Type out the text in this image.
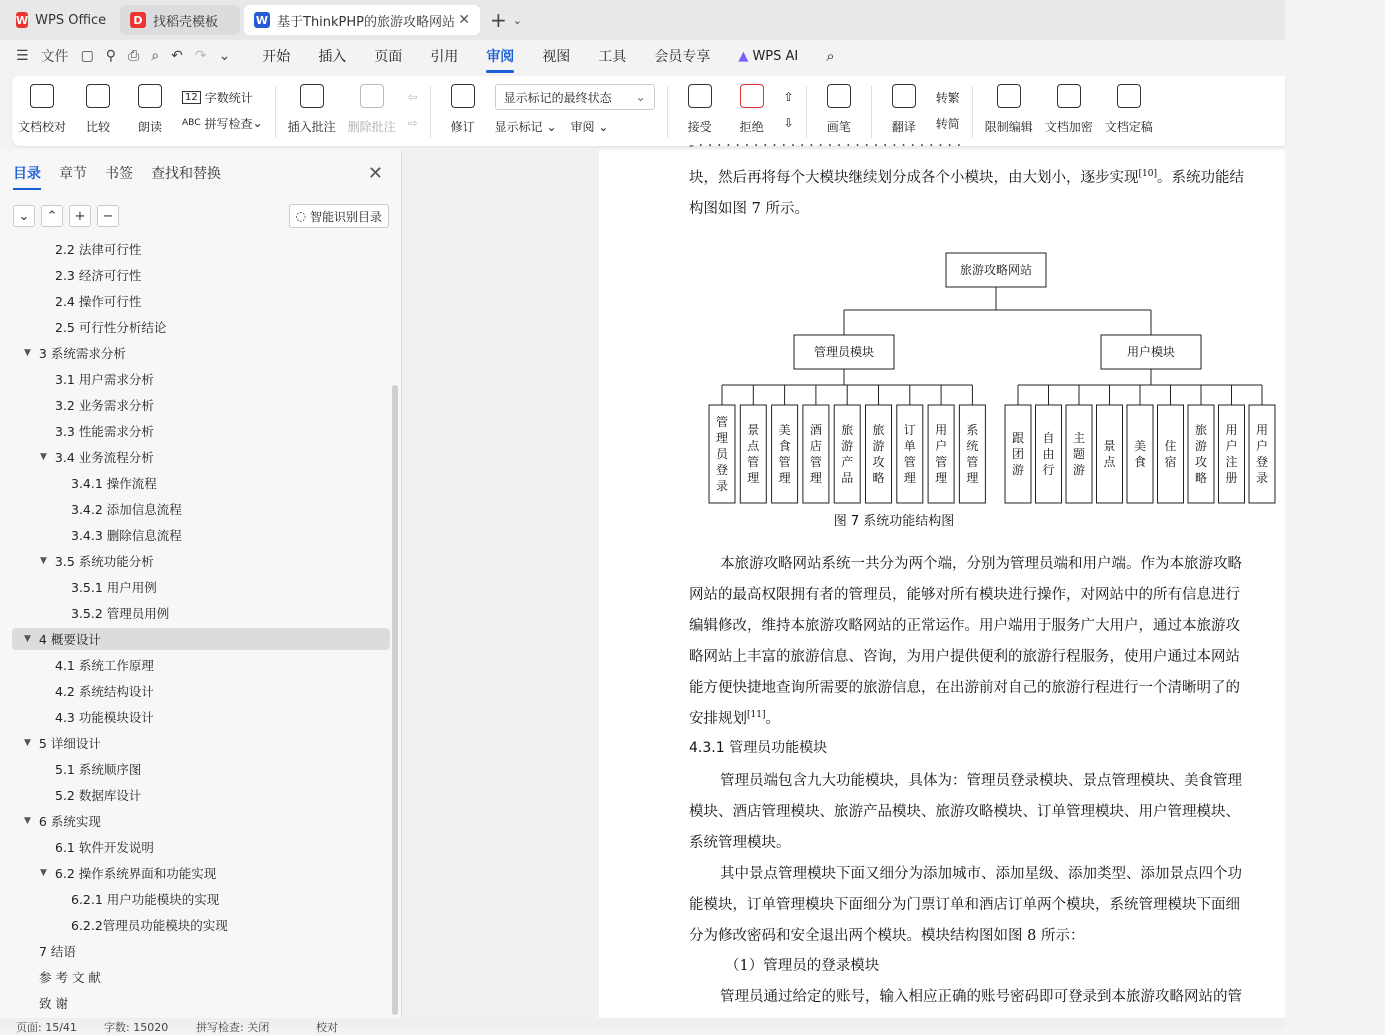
W WPS Office	D 找稻壳模板	W 基于ThinkPHP的旅游攻略网站 ✕ + ⌄
☰ 文件 ▢ ⚲ ⎙ ⌕ ↶ ↷ ⌄ 开始 插入 页面 引用 审阅 视图 工具 会员专享 ▲ WPS AI ⌕
文档校对 比较 朗读
12 字数统计
ABC 拼写检查 ⌄ 插入批注 删除批注
⇦
⇨	修订
显示标记的最终状态 ⌄
显示标记 ⌄ 审阅 ⌄	接受 拒绝
⇧
⇩	画笔	翻译
转繁
转简 限制编辑 文档加密 文档定稿
目录 章节 书签 查找和替换	✕
⌄	⌃	+	−	◌ 智能识别目录
2.2 法律可行性
2.3 经济可行性
2.4 操作可行性
2.5 可行性分析结论
▼ 3 系统需求分析
3.1 用户需求分析
3.2 业务需求分析
3.3 性能需求分析
▼ 3.4 业务流程分析
3.4.1 操作流程
3.4.2 添加信息流程
3.4.3 删除信息流程
▼ 3.5 系统功能分析
3.5.1 用户用例
3.5.2 管理员用例
▼ 4 概要设计
4.1 系统工作原理
4.2 系统结构设计
4.3 功能模块设计
▼ 5 详细设计
5.1 系统顺序图
5.2 数据库设计
▼ 6 系统实现
6.1 软件开发说明
▼ 6.2 操作系统界面和功能实现
6.2.1 用户功能模块的实现
6.2.2管理员功能模块的实现
7 结语
参 考 文 献
致 谢
- · · · · · · · · · · · · · · · · · · · · · · · · · · · · ·
块，然后再将每个大模块继续划分成各个小模块，由大划小，逐步实现[10]。系统功能结
构图如图 7 所示。
旅游攻略网站
管理员模块	用户模块
管理员登录
景点管理
美食管理
酒店管理
旅游产品
旅游攻略
订单管理
用户管理
系统管理
跟团游
自由行
主题游
景点
美食
住宿
旅游攻略
用户注册
用户登录
图 7 系统功能结构图
本旅游攻略网站系统一共分为两个端，分别为管理员端和用户端。作为本旅游攻略
网站的最高权限拥有者的管理员，能够对所有模块进行操作，对网站中的所有信息进行
编辑修改，维持本旅游攻略网站的正常运作。用户端用于服务广大用户，通过本旅游攻
略网站上丰富的旅游信息、咨询，为用户提供便利的旅游行程服务，使用户通过本网站
能方便快捷地查询所需要的旅游信息，在出游前对自己的旅游行程进行一个清晰明了的
安排规划[11]。
4.3.1 管理员功能模块
管理员端包含九大功能模块，具体为：管理员登录模块、景点管理模块、美食管理
模块、酒店管理模块、旅游产品模块、旅游攻略模块、订单管理模块、用户管理模块、
系统管理模块。
其中景点管理模块下面又细分为添加城市、添加星级、添加类型、添加景点四个功
能模块，订单管理模块下面细分为门票订单和酒店订单两个模块，系统管理模块下面细
分为修改密码和安全退出两个模块。模块结构图如图 8 所示：
（1）管理员的登录模块
管理员通过给定的账号，输入相应正确的账号密码即可登录到本旅游攻略网站的管
页面: 15/41 字数: 15020	拼写检查: 关闭	校对
